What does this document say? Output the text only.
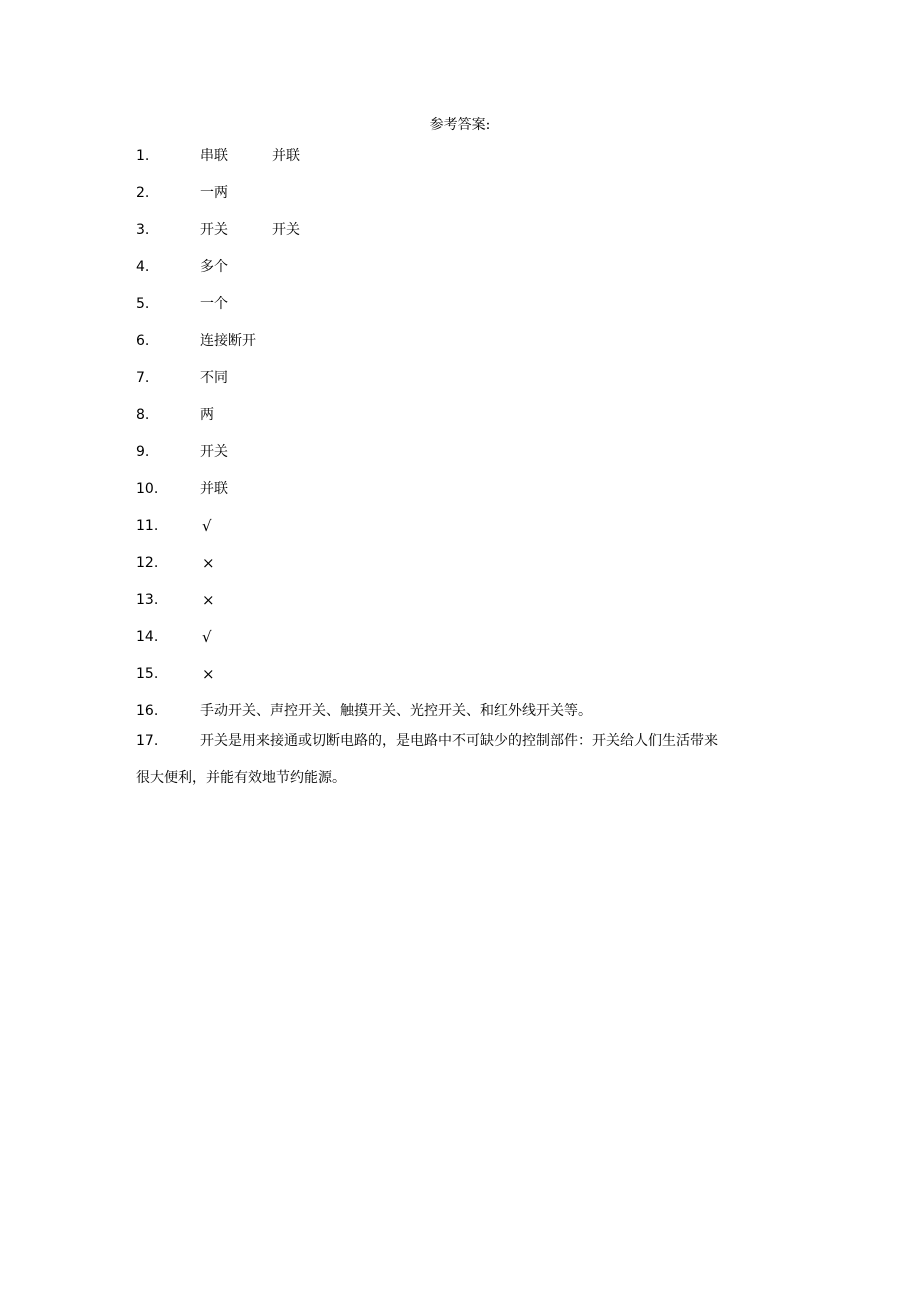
参考答案:
1.	串联	并联
2.	一两
3.	开关	开关
4.	多个
5.	一个
6.	连接断开
7.	不同
8.	两
9.	开关
10.	并联
11.	√
12.	×
13.	×
14.	√
15.	×
16.	手动开关、声控开关、触摸开关、光控开关、和红外线开关等。
17.	开关是用来接通或切断电路的，是电路中不可缺少的控制部件：开关给人们生活带来
很大便利，并能有效地节约能源。
